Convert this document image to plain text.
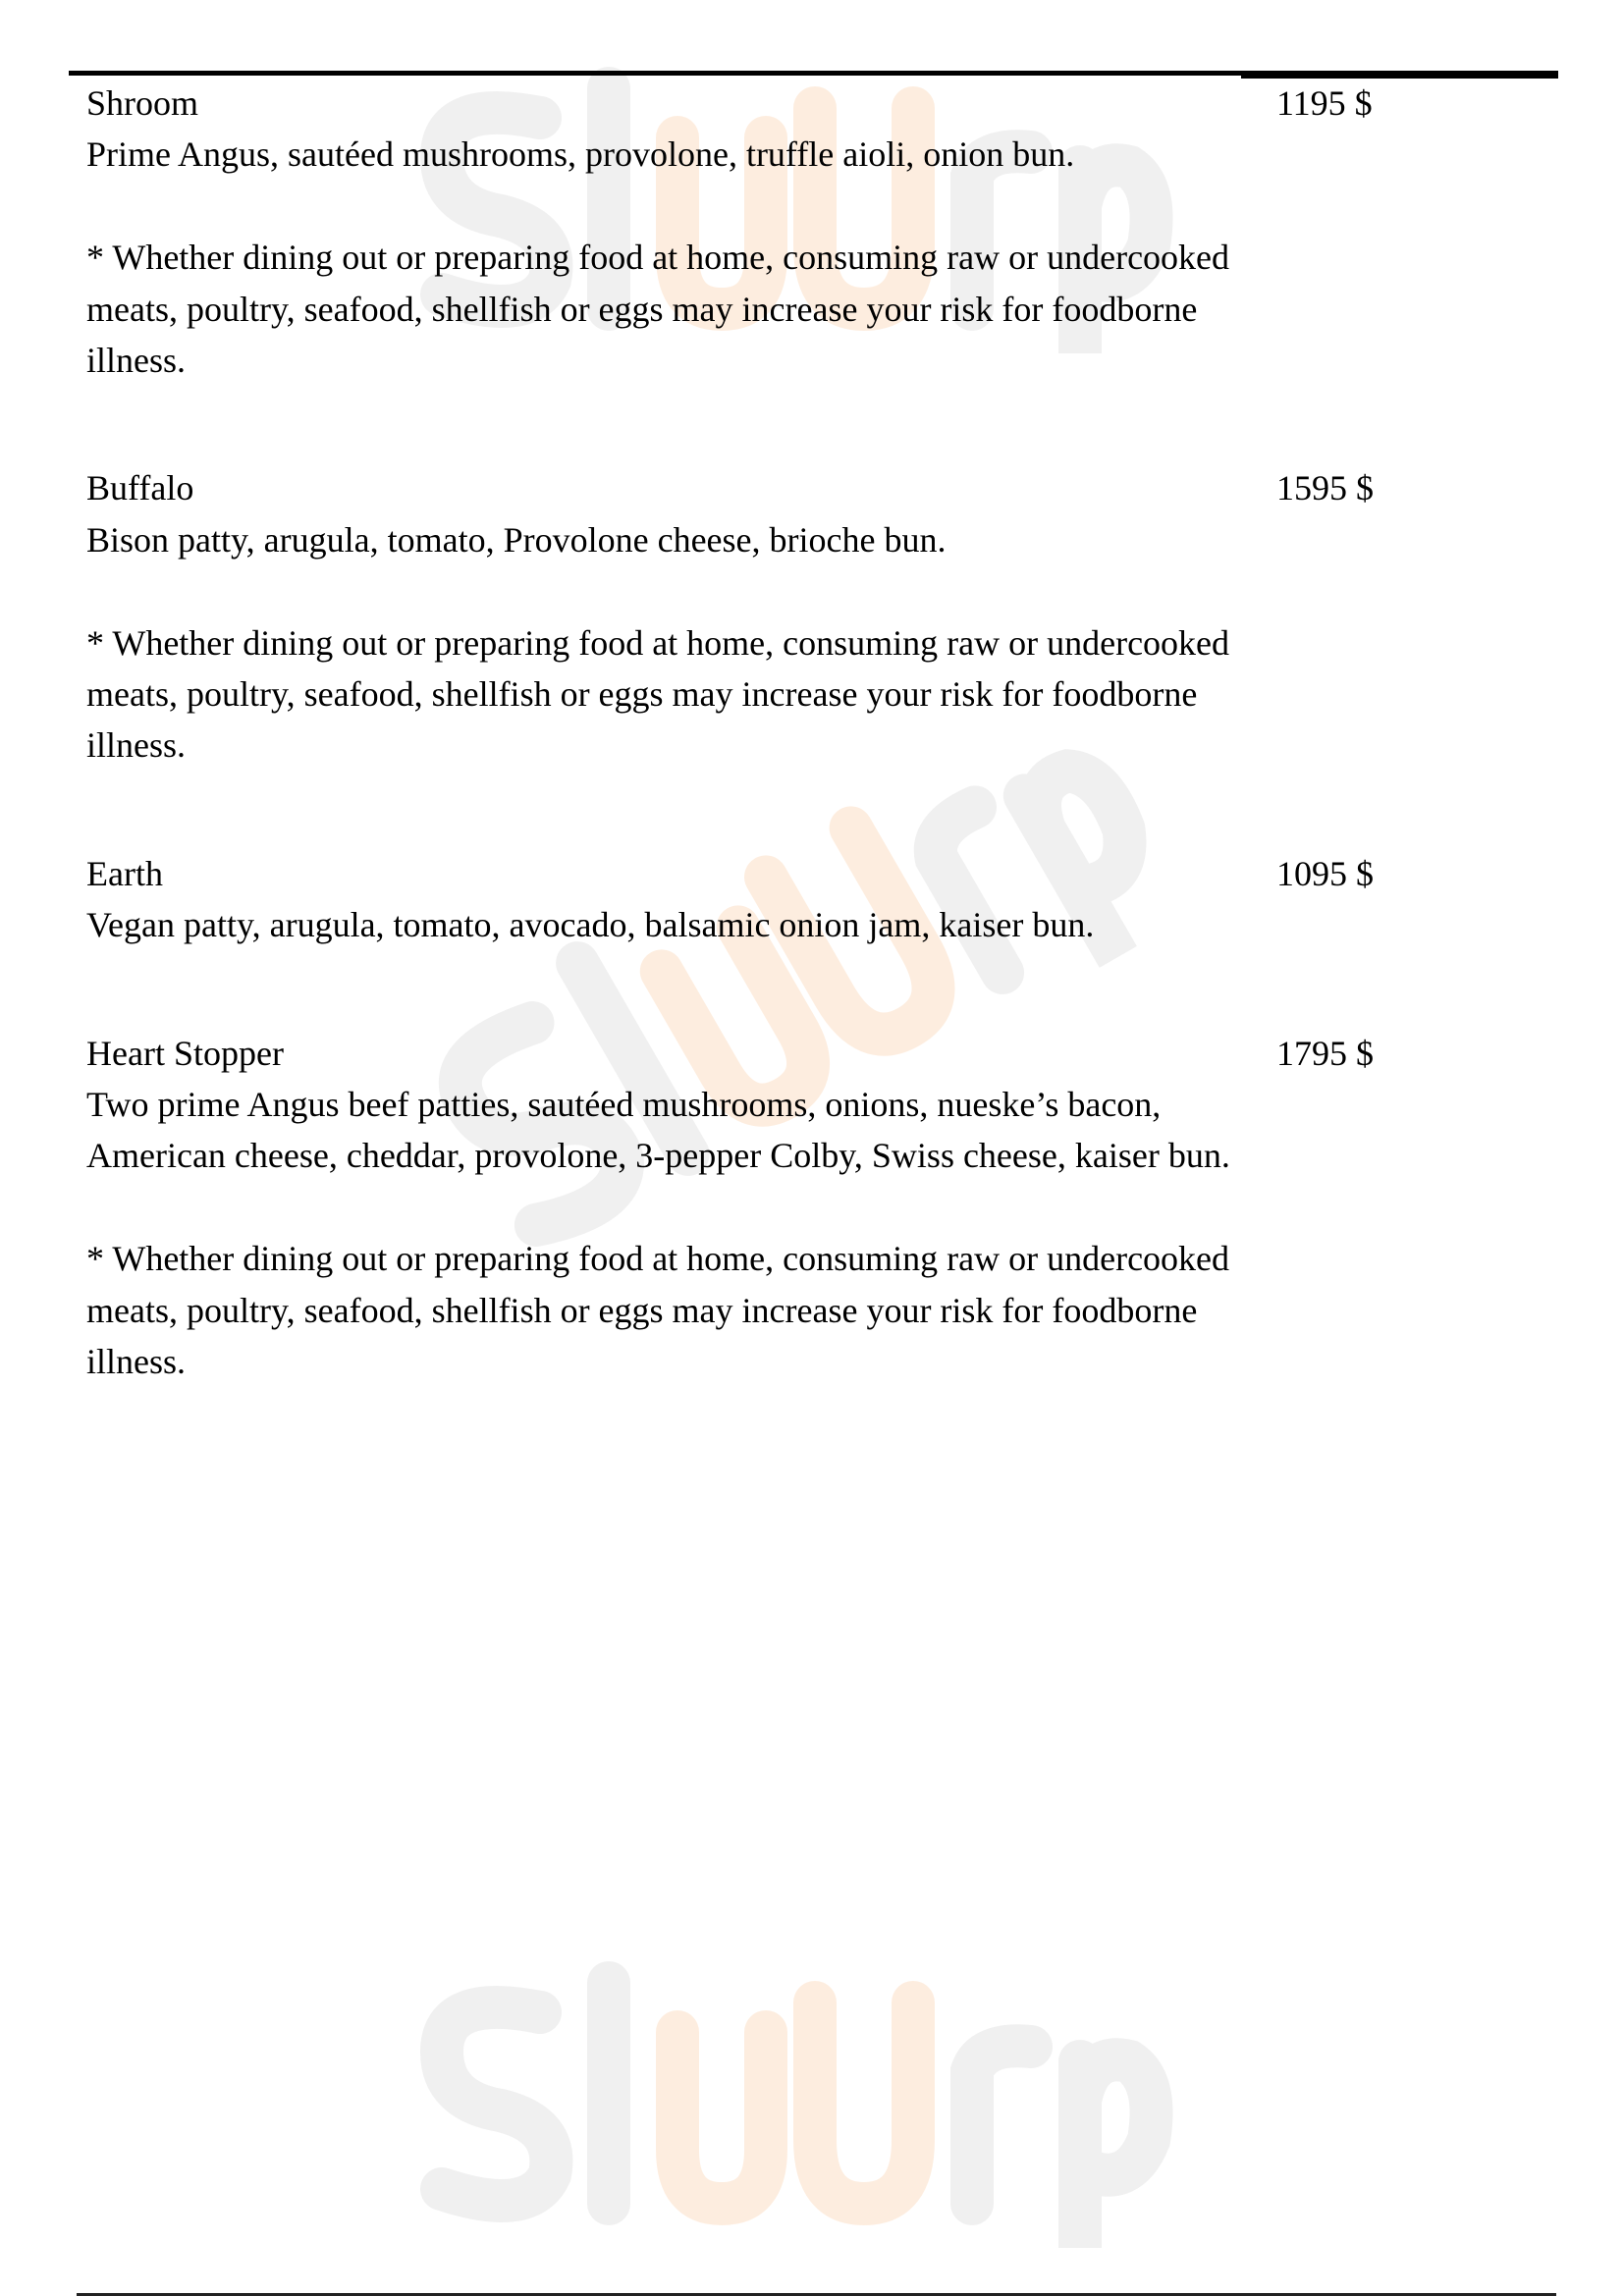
Shroom
Prime Angus, sautéed mushrooms, provolone, truffle aioli, onion bun.
* Whether dining out or preparing food at home, consuming raw or undercooked meats, poultry, seafood, shellfish or eggs may increase your risk for foodborne illness.
1195 $
Buffalo
Bison patty, arugula, tomato, Provolone cheese, brioche bun.
* Whether dining out or preparing food at home, consuming raw or undercooked meats, poultry, seafood, shellfish or eggs may increase your risk for foodborne illness.
1595 $
Earth
Vegan patty, arugula, tomato, avocado, balsamic onion jam, kaiser bun.
1095 $
Heart Stopper
Two prime Angus beef patties, sautéed mushrooms, onions, nueske’s bacon, American cheese, cheddar, provolone, 3-pepper Colby, Swiss cheese, kaiser bun.
* Whether dining out or preparing food at home, consuming raw or undercooked meats, poultry, seafood, shellfish or eggs may increase your risk for foodborne illness.
1795 $
